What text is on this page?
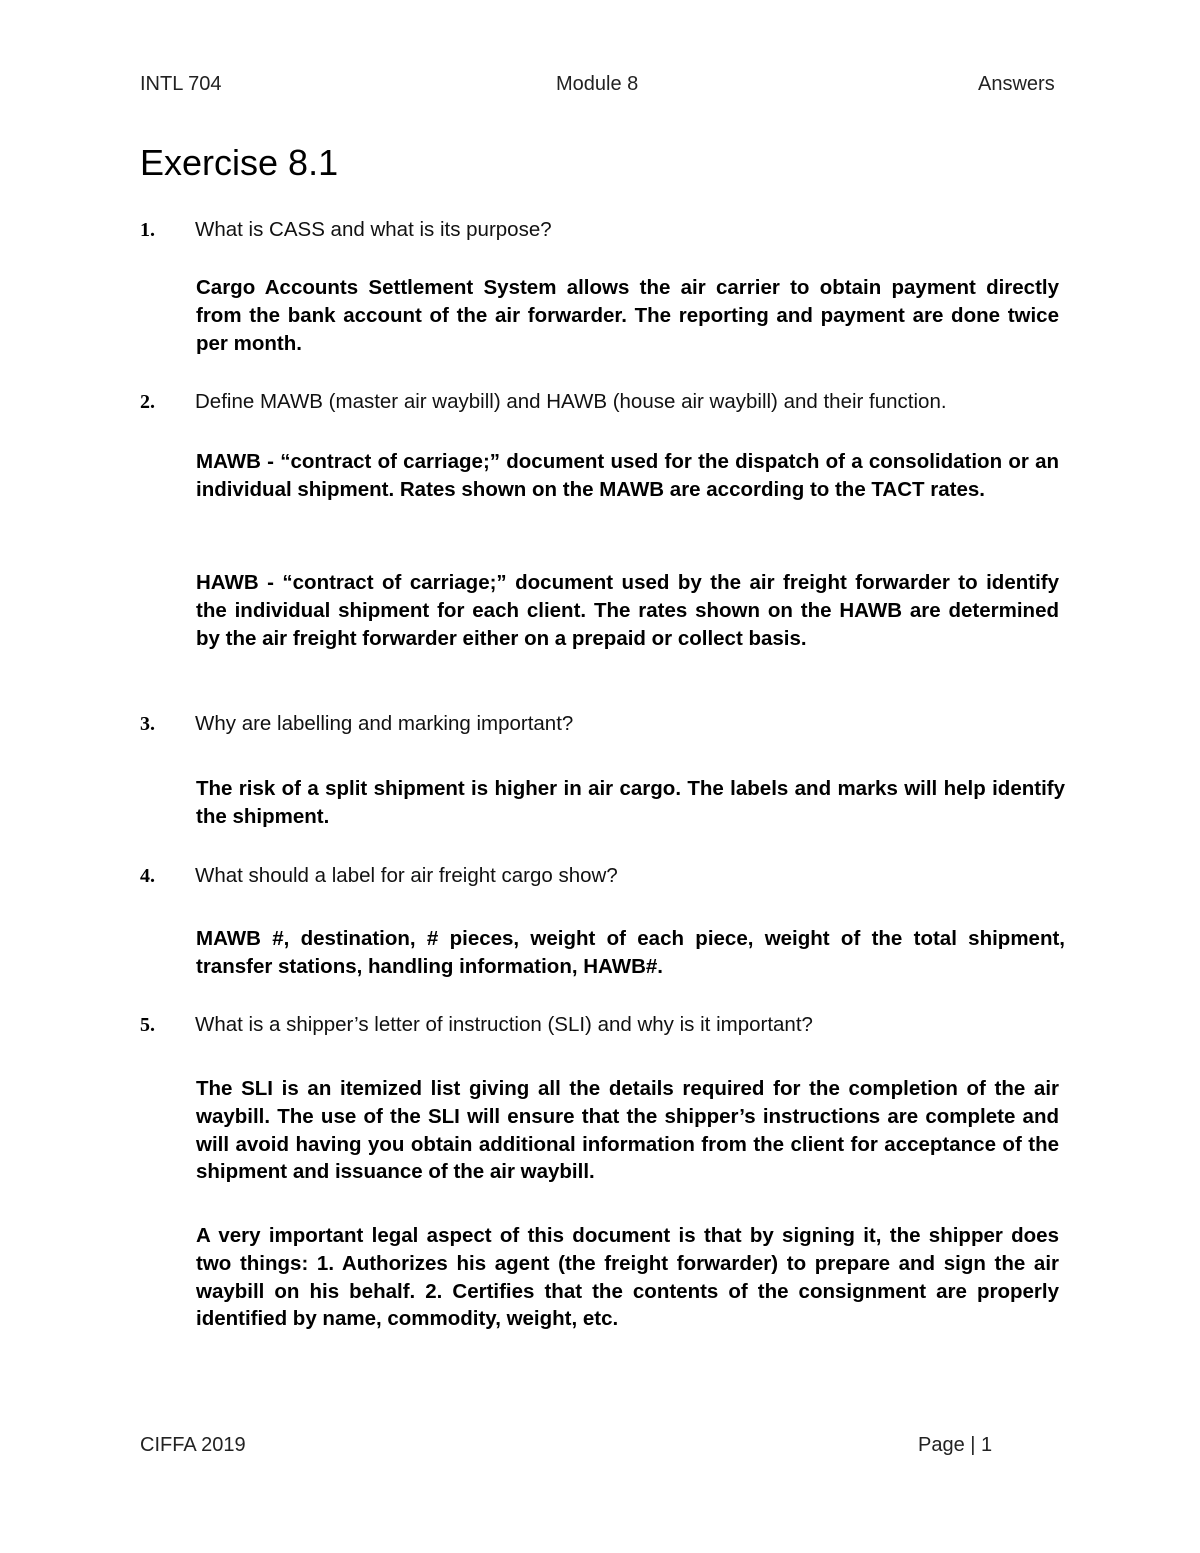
INTL 704	Module 8	Answers
Exercise 8.1
1. What is CASS and what is its purpose?

Cargo Accounts Settlement System allows the air carrier to obtain payment directly from the bank account of the air forwarder. The reporting and payment are done twice per month.

2. Define MAWB (master air waybill) and HAWB (house air waybill) and their function.

MAWB - “contract of carriage;” document used for the dispatch of a consolidation or an individual shipment. Rates shown on the MAWB are according to the TACT rates.

HAWB - “contract of carriage;” document used by the air freight forwarder to identify the individual shipment for each client. The rates shown on the HAWB are determined by the air freight forwarder either on a prepaid or collect basis.

3. Why are labelling and marking important?

The risk of a split shipment is higher in air cargo. The labels and marks will help identify the shipment.

4. What should a label for air freight cargo show?

MAWB #, destination, # pieces, weight of each piece, weight of the total shipment, transfer stations, handling information, HAWB#.

5. What is a shipper’s letter of instruction (SLI) and why is it important?

The SLI is an itemized list giving all the details required for the completion of the air waybill. The use of the SLI will ensure that the shipper’s instructions are complete and will avoid having you obtain additional information from the client for acceptance of the shipment and issuance of the air waybill.

A very important legal aspect of this document is that by signing it, the shipper does two things: 1. Authorizes his agent (the freight forwarder) to prepare and sign the air waybill on his behalf. 2. Certifies that the contents of the consignment are properly identified by name, commodity, weight, etc.

CIFFA 2019	Page | 1
